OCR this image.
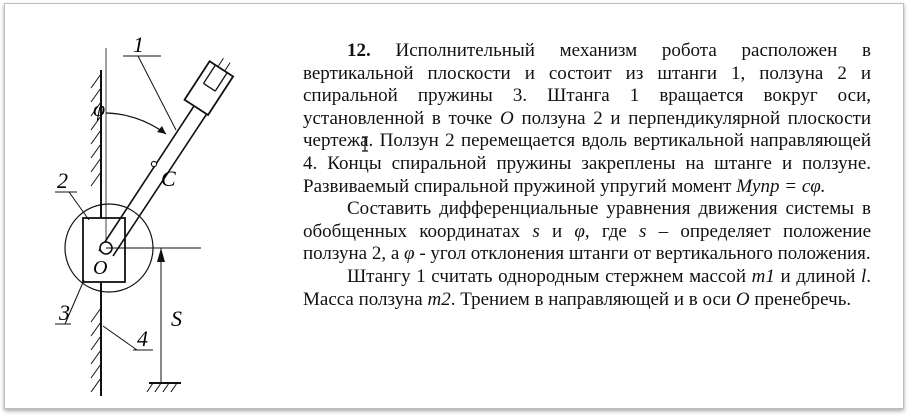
1
φ
2	C
O
3
4
S

12. Исполнительный механизм робота расположен в вертикальной плоскости и состоит из штанги 1, ползуна 2 и спиральной пружины 3. Штанга 1 вращается вокруг оси, установленной в точке O ползуна 2 и перпендикулярной плоскости чертежа. Ползун 2 перемещается вдоль вертикальной направляющей 4. Концы спиральной пружины закреплены на штанге и ползуне. Развиваемый спиральной пружиной упругий момент Mупр = cφ.

Составить дифференциальные уравнения движения системы в обобщенных координатах s и φ, где s – определяет положение ползуна 2, а φ - угол отклонения штанги от вертикального положения.

Штангу 1 считать однородным стержнем массой m1 и длиной l. Масса ползуна m2. Трением в направляющей и в оси O пренебречь.
